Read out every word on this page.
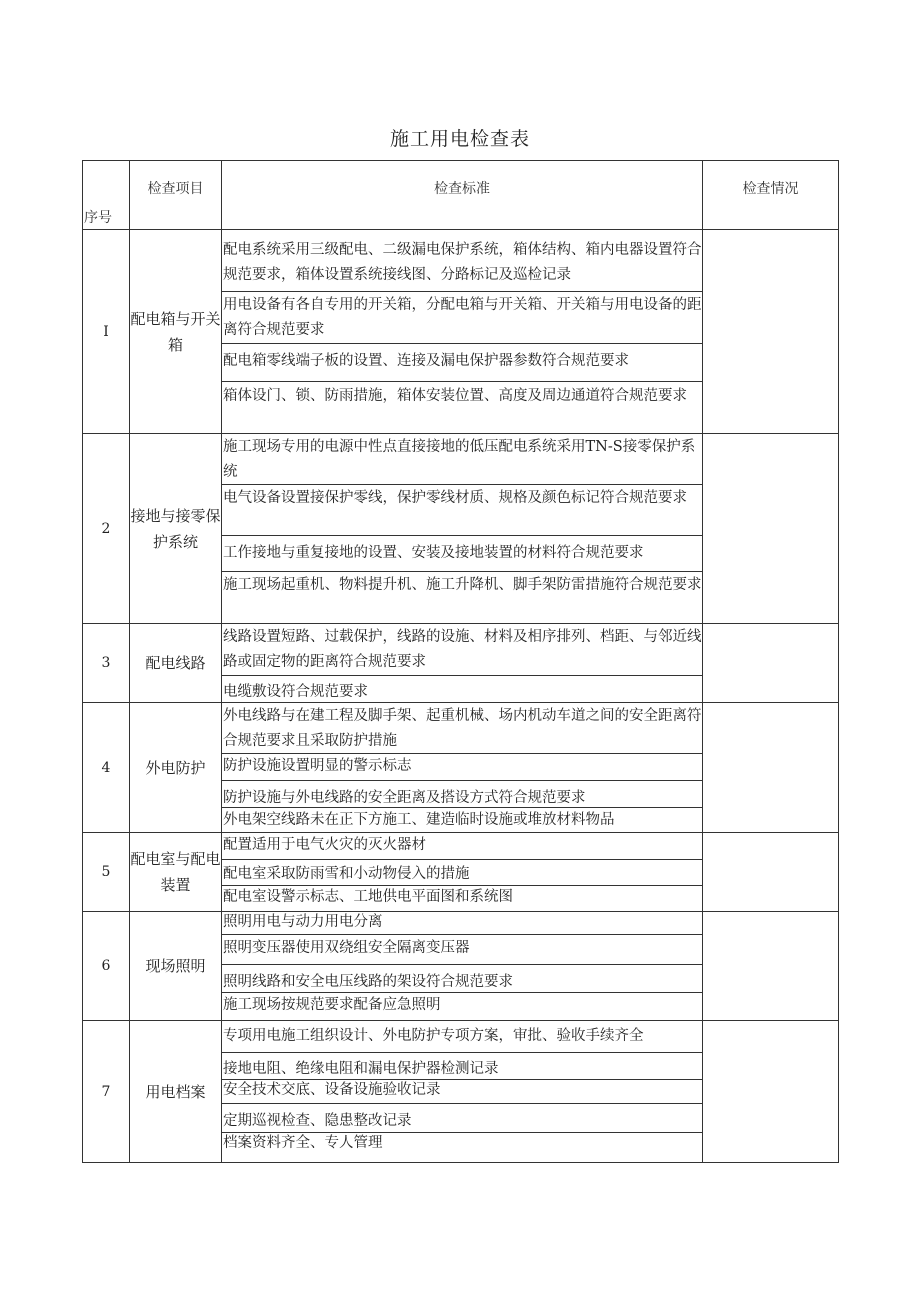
施工用电检查表
序号	检查项目	检查标准	检查情况
I	配电箱与开关箱	配电系统采用三级配电、二级漏电保护系统，箱体结构、箱内电器设置符合规范要求，箱体设置系统接线图、分路标记及巡检记录
用电设备有各自专用的开关箱，分配电箱与开关箱、开关箱与用电设备的距离符合规范要求
配电箱零线端子板的设置、连接及漏电保护器参数符合规范要求
箱体设门、锁、防雨措施，箱体安装位置、高度及周边通道符合规范要求	

2	接地与接零保护系统	施工现场专用的电源中性点直接接地的低压配电系统采用TN-S接零保护系统
电气设备设置接保护零线，保护零线材质、规格及颜色标记符合规范要求
工作接地与重复接地的设置、安装及接地装置的材料符合规范要求
施工现场起重机、物料提升机、施工升降机、脚手架防雷措施符合规范要求	

3	配电线路	线路设置短路、过载保护，线路的设施、材料及相序排列、档距、与邻近线路或固定物的距离符合规范要求
电缆敷设符合规范要求	

4	外电防护	外电线路与在建工程及脚手架、起重机械、场内机动车道之间的安全距离符合规范要求且采取防护措施
防护设施设置明显的警示标志
防护设施与外电线路的安全距离及搭设方式符合规范要求
外电架空线路未在正下方施工、建造临时设施或堆放材料物品	

5	配电室与配电装置	配置适用于电气火灾的灭火器材
配电室采取防雨雪和小动物侵入的措施
配电室设警示标志、工地供电平面图和系统图	

6	现场照明	照明用电与动力用电分离
照明变压器使用双绕组安全隔离变压器
照明线路和安全电压线路的架设符合规范要求
施工现场按规范要求配备应急照明	

7	用电档案	专项用电施工组织设计、外电防护专项方案，审批、验收手续齐全
接地电阻、绝缘电阻和漏电保护器检测记录
安全技术交底、设备设施验收记录
定期巡视检查、隐患整改记录
档案资料齐全、专人管理	
